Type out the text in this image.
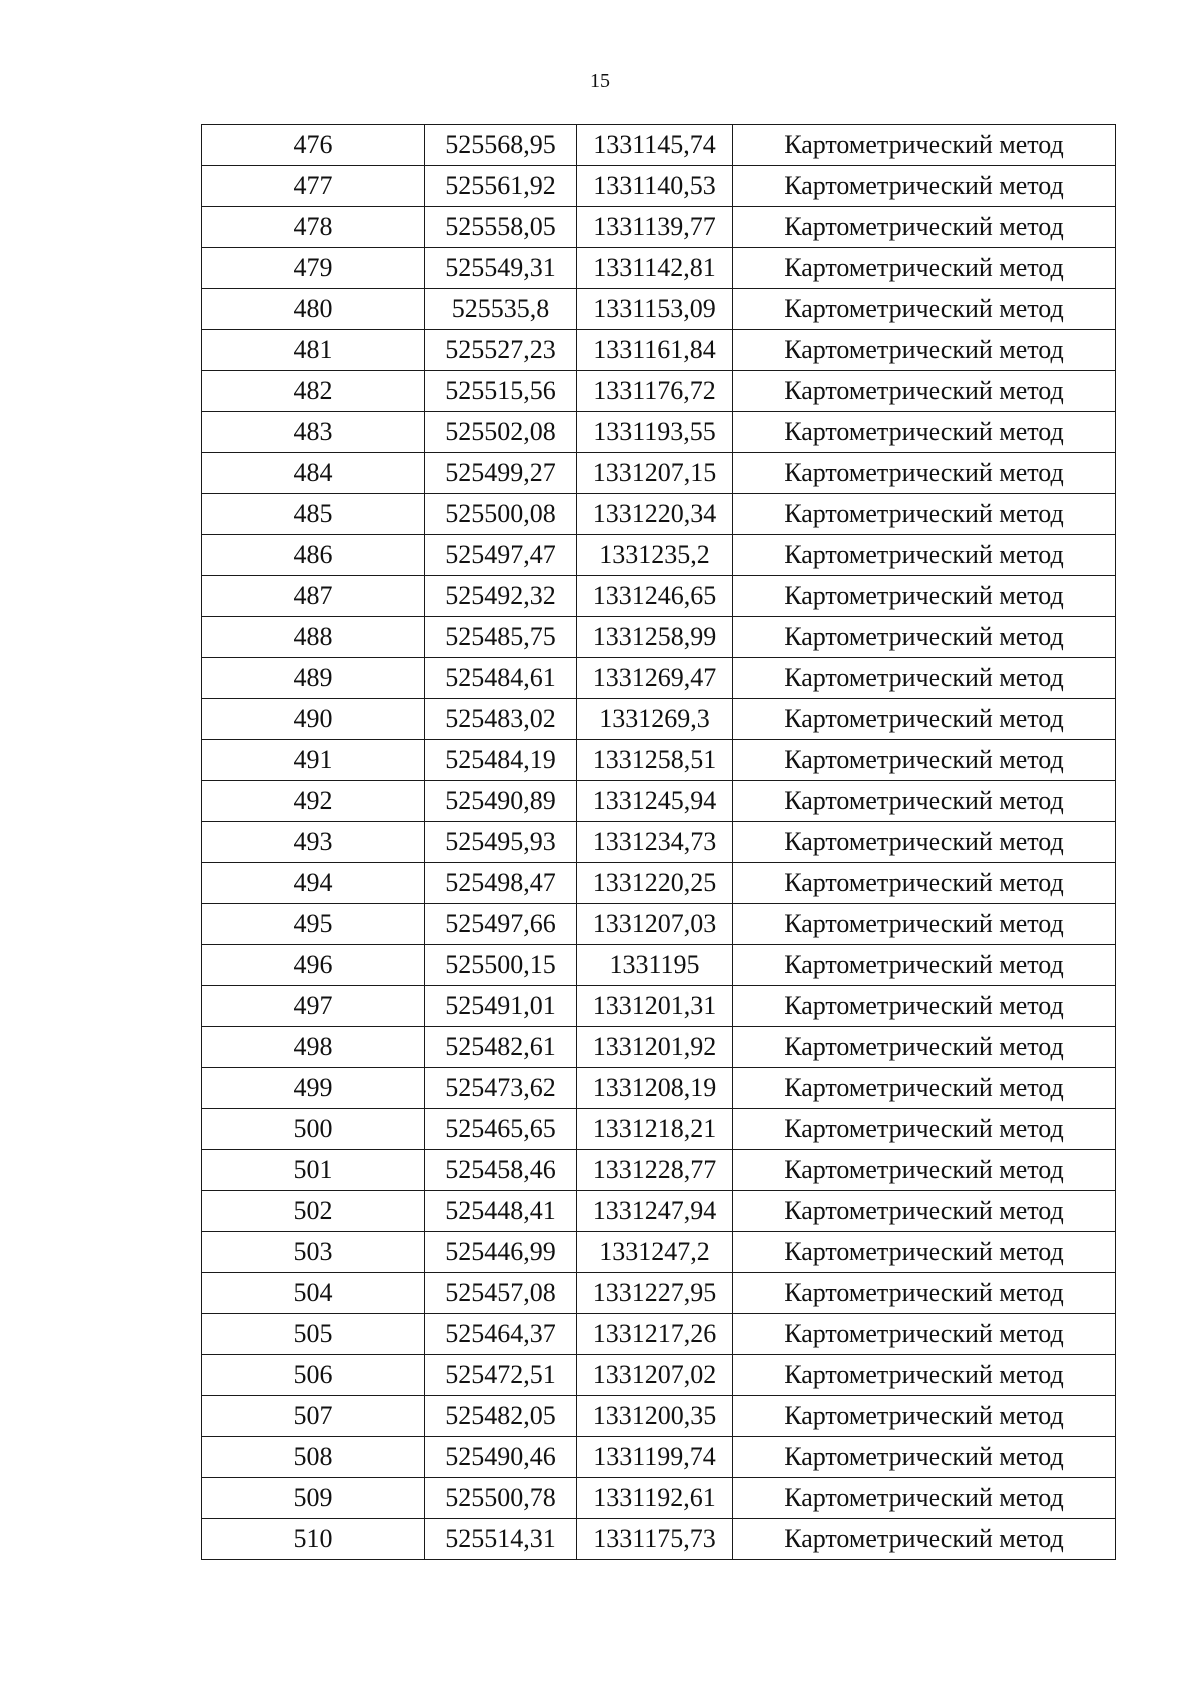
15
476	525568,95	1331145,74	Картометрический метод
477	525561,92	1331140,53	Картометрический метод
478	525558,05	1331139,77	Картометрический метод
479	525549,31	1331142,81	Картометрический метод
480	525535,8	1331153,09	Картометрический метод
481	525527,23	1331161,84	Картометрический метод
482	525515,56	1331176,72	Картометрический метод
483	525502,08	1331193,55	Картометрический метод
484	525499,27	1331207,15	Картометрический метод
485	525500,08	1331220,34	Картометрический метод
486	525497,47	1331235,2	Картометрический метод
487	525492,32	1331246,65	Картометрический метод
488	525485,75	1331258,99	Картометрический метод
489	525484,61	1331269,47	Картометрический метод
490	525483,02	1331269,3	Картометрический метод
491	525484,19	1331258,51	Картометрический метод
492	525490,89	1331245,94	Картометрический метод
493	525495,93	1331234,73	Картометрический метод
494	525498,47	1331220,25	Картометрический метод
495	525497,66	1331207,03	Картометрический метод
496	525500,15	1331195	Картометрический метод
497	525491,01	1331201,31	Картометрический метод
498	525482,61	1331201,92	Картометрический метод
499	525473,62	1331208,19	Картометрический метод
500	525465,65	1331218,21	Картометрический метод
501	525458,46	1331228,77	Картометрический метод
502	525448,41	1331247,94	Картометрический метод
503	525446,99	1331247,2	Картометрический метод
504	525457,08	1331227,95	Картометрический метод
505	525464,37	1331217,26	Картометрический метод
506	525472,51	1331207,02	Картометрический метод
507	525482,05	1331200,35	Картометрический метод
508	525490,46	1331199,74	Картометрический метод
509	525500,78	1331192,61	Картометрический метод
510	525514,31	1331175,73	Картометрический метод
